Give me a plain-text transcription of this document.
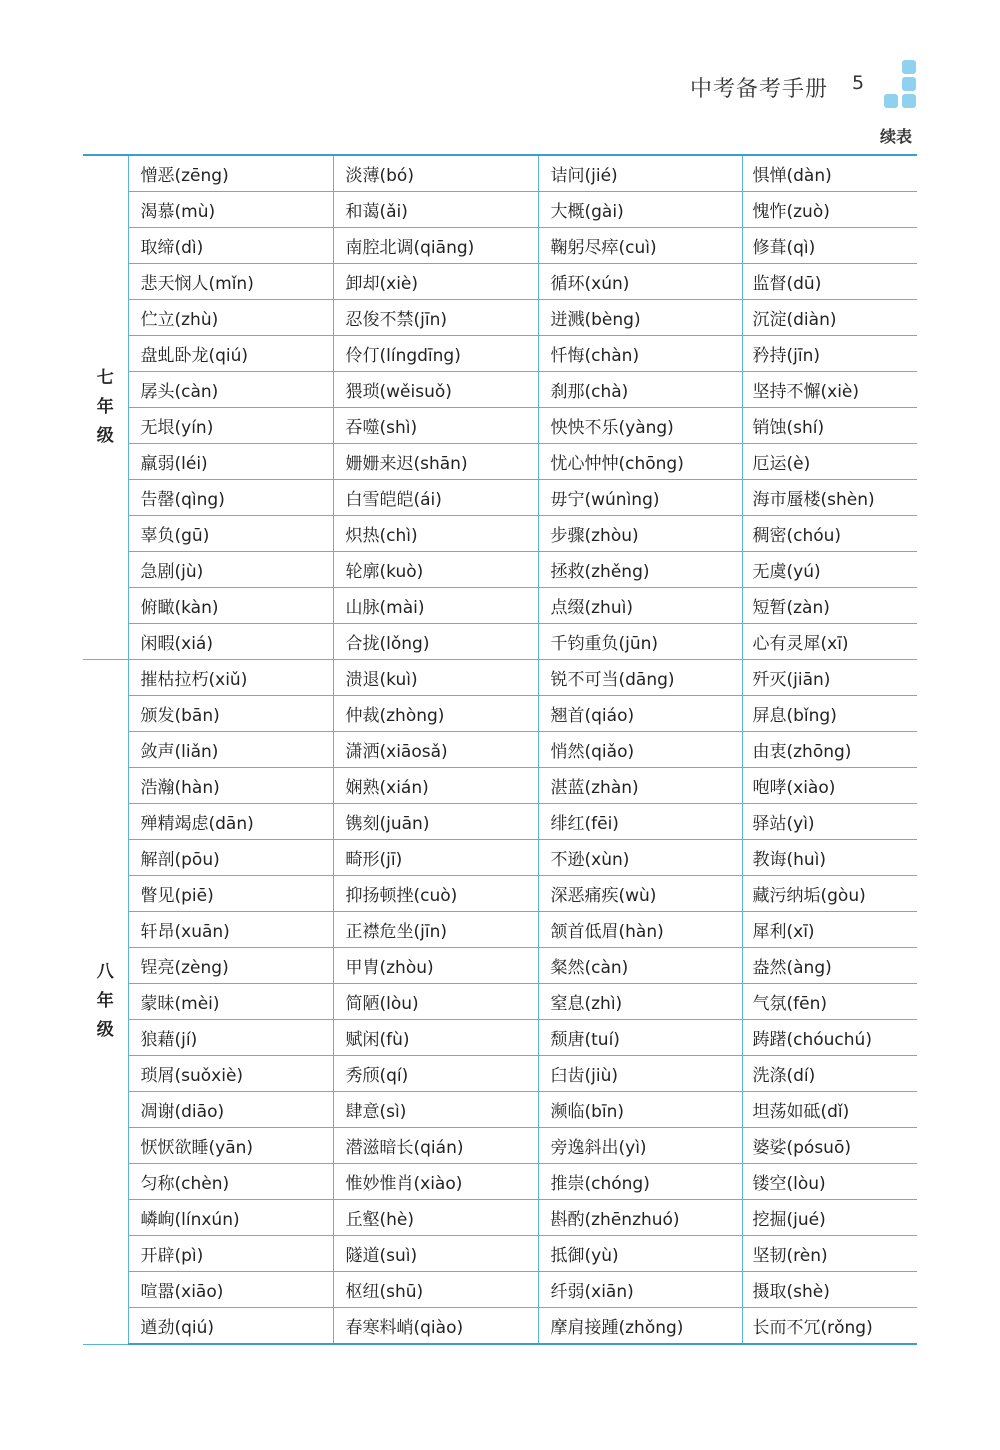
中考备考手册 5
续表
七年级	憎恶(zēng)	淡薄(bó)	诘问(jié)	惧惮(dàn)
	渴慕(mù)	和蔼(ǎi)	大概(gài)	愧怍(zuò)
	取缔(dì)	南腔北调(qiāng)	鞠躬尽瘁(cuì)	修葺(qì)
	悲天悯人(mǐn)	卸却(xiè)	循环(xún)	监督(dū)
	伫立(zhù)	忍俊不禁(jīn)	迸溅(bèng)	沉淀(diàn)
	盘虬卧龙(qiú)	伶仃(língdīng)	忏悔(chàn)	矜持(jīn)
	孱头(càn)	猥琐(wěisuǒ)	刹那(chà)	坚持不懈(xiè)
	无垠(yín)	吞噬(shì)	怏怏不乐(yàng)	销蚀(shí)
	羸弱(léi)	姗姗来迟(shān)	忧心忡忡(chōng)	厄运(è)
	告罄(qìng)	白雪皑皑(ái)	毋宁(wúnìng)	海市蜃楼(shèn)
	辜负(gū)	炽热(chì)	步骤(zhòu)	稠密(chóu)
	急剧(jù)	轮廓(kuò)	拯救(zhěng)	无虞(yú)
	俯瞰(kàn)	山脉(mài)	点缀(zhuì)	短暂(zàn)
	闲暇(xiá)	合拢(lǒng)	千钧重负(jūn)	心有灵犀(xī)

八年级	摧枯拉朽(xiǔ)	溃退(kuì)	锐不可当(dāng)	歼灭(jiān)
	颁发(bān)	仲裁(zhòng)	翘首(qiáo)	屏息(bǐng)
	敛声(liǎn)	潇洒(xiāosǎ)	悄然(qiǎo)	由衷(zhōng)
	浩瀚(hàn)	娴熟(xián)	湛蓝(zhàn)	咆哮(xiào)
	殚精竭虑(dān)	镌刻(juān)	绯红(fēi)	驿站(yì)
	解剖(pōu)	畸形(jī)	不逊(xùn)	教诲(huì)
	瞥见(piē)	抑扬顿挫(cuò)	深恶痛疾(wù)	藏污纳垢(gòu)
	轩昂(xuān)	正襟危坐(jīn)	颔首低眉(hàn)	犀利(xī)
	锃亮(zèng)	甲胄(zhòu)	粲然(càn)	盎然(àng)
	蒙昧(mèi)	简陋(lòu)	窒息(zhì)	气氛(fēn)
	狼藉(jí)	赋闲(fù)	颓唐(tuí)	踌躇(chóuchú)
	琐屑(suǒxiè)	秀颀(qí)	臼齿(jiù)	洗涤(dí)
	凋谢(diāo)	肆意(sì)	濒临(bīn)	坦荡如砥(dǐ)
	恹恹欲睡(yān)	潜滋暗长(qián)	旁逸斜出(yì)	婆娑(pósuō)
	匀称(chèn)	惟妙惟肖(xiào)	推崇(chóng)	镂空(lòu)
	嶙峋(línxún)	丘壑(hè)	斟酌(zhēnzhuó)	挖掘(jué)
	开辟(pì)	隧道(suì)	抵御(yù)	坚韧(rèn)
	喧嚣(xiāo)	枢纽(shū)	纤弱(xiān)	摄取(shè)
	遒劲(qiú)	春寒料峭(qiào)	摩肩接踵(zhǒng)	长而不冗(rǒng)
